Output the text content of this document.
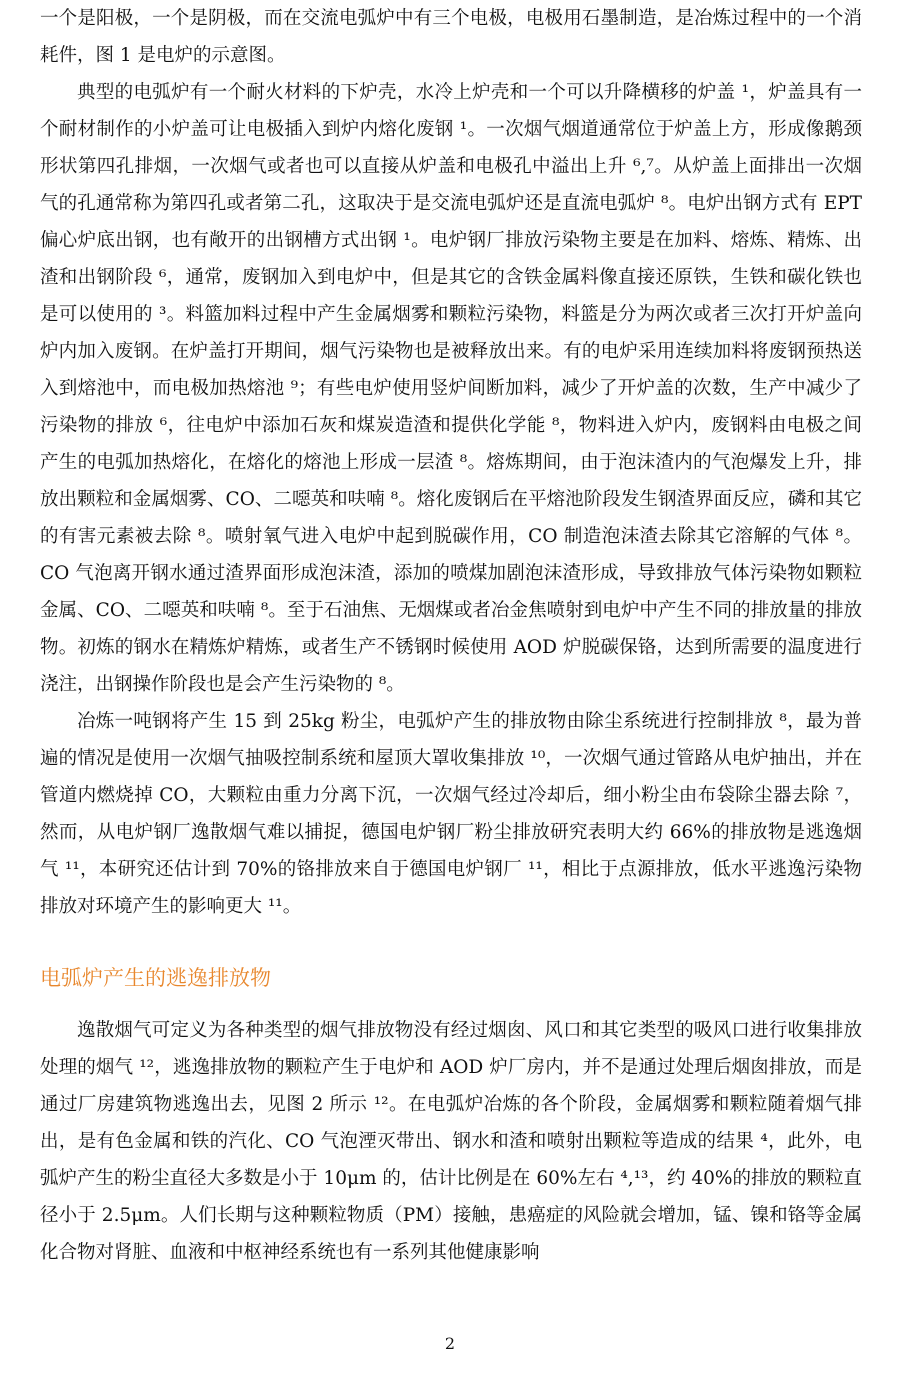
一个是阳极，一个是阴极，而在交流电弧炉中有三个电极，电极用石墨制造，是冶炼过程中的一个消耗件，图 1 是电炉的示意图。

典型的电弧炉有一个耐火材料的下炉壳，水冷上炉壳和一个可以升降横移的炉盖 ¹，炉盖具有一个耐材制作的小炉盖可让电极插入到炉内熔化废钢 ¹。一次烟气烟道通常位于炉盖上方，形成像鹅颈形状第四孔排烟，一次烟气或者也可以直接从炉盖和电极孔中溢出上升 ⁶,⁷。从炉盖上面排出一次烟气的孔通常称为第四孔或者第二孔，这取决于是交流电弧炉还是直流电弧炉 ⁸。电炉出钢方式有 EPT 偏心炉底出钢，也有敞开的出钢槽方式出钢 ¹。电炉钢厂排放污染物主要是在加料、熔炼、精炼、出渣和出钢阶段 ⁶，通常，废钢加入到电炉中，但是其它的含铁金属料像直接还原铁，生铁和碳化铁也是可以使用的 ³。料篮加料过程中产生金属烟雾和颗粒污染物，料篮是分为两次或者三次打开炉盖向炉内加入废钢。在炉盖打开期间，烟气污染物也是被释放出来。有的电炉采用连续加料将废钢预热送入到熔池中，而电极加热熔池 ⁹；有些电炉使用竖炉间断加料，减少了开炉盖的次数，生产中减少了污染物的排放 ⁶，往电炉中添加石灰和煤炭造渣和提供化学能 ⁸，物料进入炉内，废钢料由电极之间产生的电弧加热熔化，在熔化的熔池上形成一层渣 ⁸。熔炼期间，由于泡沫渣内的气泡爆发上升，排放出颗粒和金属烟雾、CO、二噁英和呋喃 ⁸。熔化废钢后在平熔池阶段发生钢渣界面反应，磷和其它的有害元素被去除 ⁸。喷射氧气进入电炉中起到脱碳作用，CO 制造泡沫渣去除其它溶解的气体 ⁸。CO 气泡离开钢水通过渣界面形成泡沫渣，添加的喷煤加剧泡沫渣形成，导致排放气体污染物如颗粒金属、CO、二噁英和呋喃 ⁸。至于石油焦、无烟煤或者冶金焦喷射到电炉中产生不同的排放量的排放物。初炼的钢水在精炼炉精炼，或者生产不锈钢时候使用 AOD 炉脱碳保铬，达到所需要的温度进行浇注，出钢操作阶段也是会产生污染物的 ⁸。

冶炼一吨钢将产生 15 到 25kg 粉尘，电弧炉产生的排放物由除尘系统进行控制排放 ⁸，最为普遍的情况是使用一次烟气抽吸控制系统和屋顶大罩收集排放 ¹⁰，一次烟气通过管路从电炉抽出，并在管道内燃烧掉 CO，大颗粒由重力分离下沉，一次烟气经过冷却后，细小粉尘由布袋除尘器去除 ⁷，然而，从电炉钢厂逸散烟气难以捕捉，德国电炉钢厂粉尘排放研究表明大约 66%的排放物是逃逸烟气 ¹¹，本研究还估计到 70%的铬排放来自于德国电炉钢厂 ¹¹，相比于点源排放，低水平逃逸污染物排放对环境产生的影响更大 ¹¹。

电弧炉产生的逃逸排放物

逸散烟气可定义为各种类型的烟气排放物没有经过烟囱、风口和其它类型的吸风口进行收集排放处理的烟气 ¹²，逃逸排放物的颗粒产生于电炉和 AOD 炉厂房内，并不是通过处理后烟囱排放，而是通过厂房建筑物逃逸出去，见图 2 所示 ¹²。在电弧炉冶炼的各个阶段，金属烟雾和颗粒随着烟气排出，是有色金属和铁的汽化、CO 气泡湮灭带出、钢水和渣和喷射出颗粒等造成的结果 ⁴，此外，电弧炉产生的粉尘直径大多数是小于 10μm 的，估计比例是在 60%左右 ⁴,¹³，约 40%的排放的颗粒直径小于 2.5μm。人们长期与这种颗粒物质（PM）接触，患癌症的风险就会增加，锰、镍和铬等金属化合物对肾脏、血液和中枢神经系统也有一系列其他健康影响

2
